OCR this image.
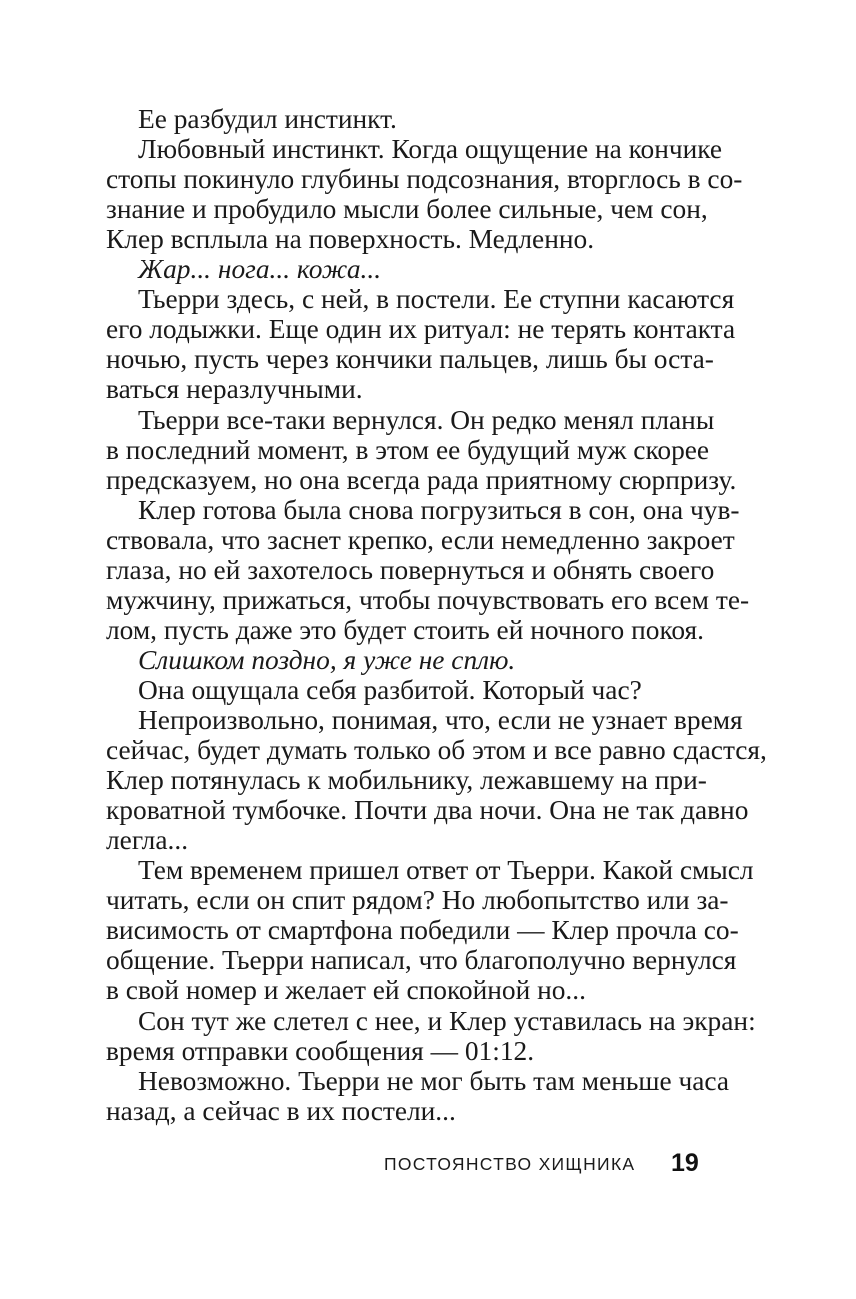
Ее разбудил инстинкт.
Любовный инстинкт. Когда ощущение на кончике
стопы покинуло глубины подсознания, вторглось в со-
знание и пробудило мысли более сильные, чем сон,
Клер всплыла на поверхность. Медленно.
Жар... нога... кожа...
Тьерри здесь, с ней, в постели. Ее ступни касаются
его лодыжки. Еще один их ритуал: не терять контакта
ночью, пусть через кончики пальцев, лишь бы оста-
ваться неразлучными.
Тьерри все-таки вернулся. Он редко менял планы
в последний момент, в этом ее будущий муж скорее
предсказуем, но она всегда рада приятному сюрпризу.
Клер готова была снова погрузиться в сон, она чув-
ствовала, что заснет крепко, если немедленно закроет
глаза, но ей захотелось повернуться и обнять своего
мужчину, прижаться, чтобы почувствовать его всем те-
лом, пусть даже это будет стоить ей ночного покоя.
Слишком поздно, я уже не сплю.
Она ощущала себя разбитой. Который час?
Непроизвольно, понимая, что, если не узнает время
сейчас, будет думать только об этом и все равно сдастся,
Клер потянулась к мобильнику, лежавшему на при-
кроватной тумбочке. Почти два ночи. Она не так давно
легла...
Тем временем пришел ответ от Тьерри. Какой смысл
читать, если он спит рядом? Но любопытство или за-
висимость от смартфона победили — Клер прочла со-
общение. Тьерри написал, что благополучно вернулся
в свой номер и желает ей спокойной но...
Сон тут же слетел с нее, и Клер уставилась на экран:
время отправки сообщения — 01:12.
Невозможно. Тьерри не мог быть там меньше часа
назад, а сейчас в их постели...
ПОСТОЯНСТВО ХИЩНИКА 19
